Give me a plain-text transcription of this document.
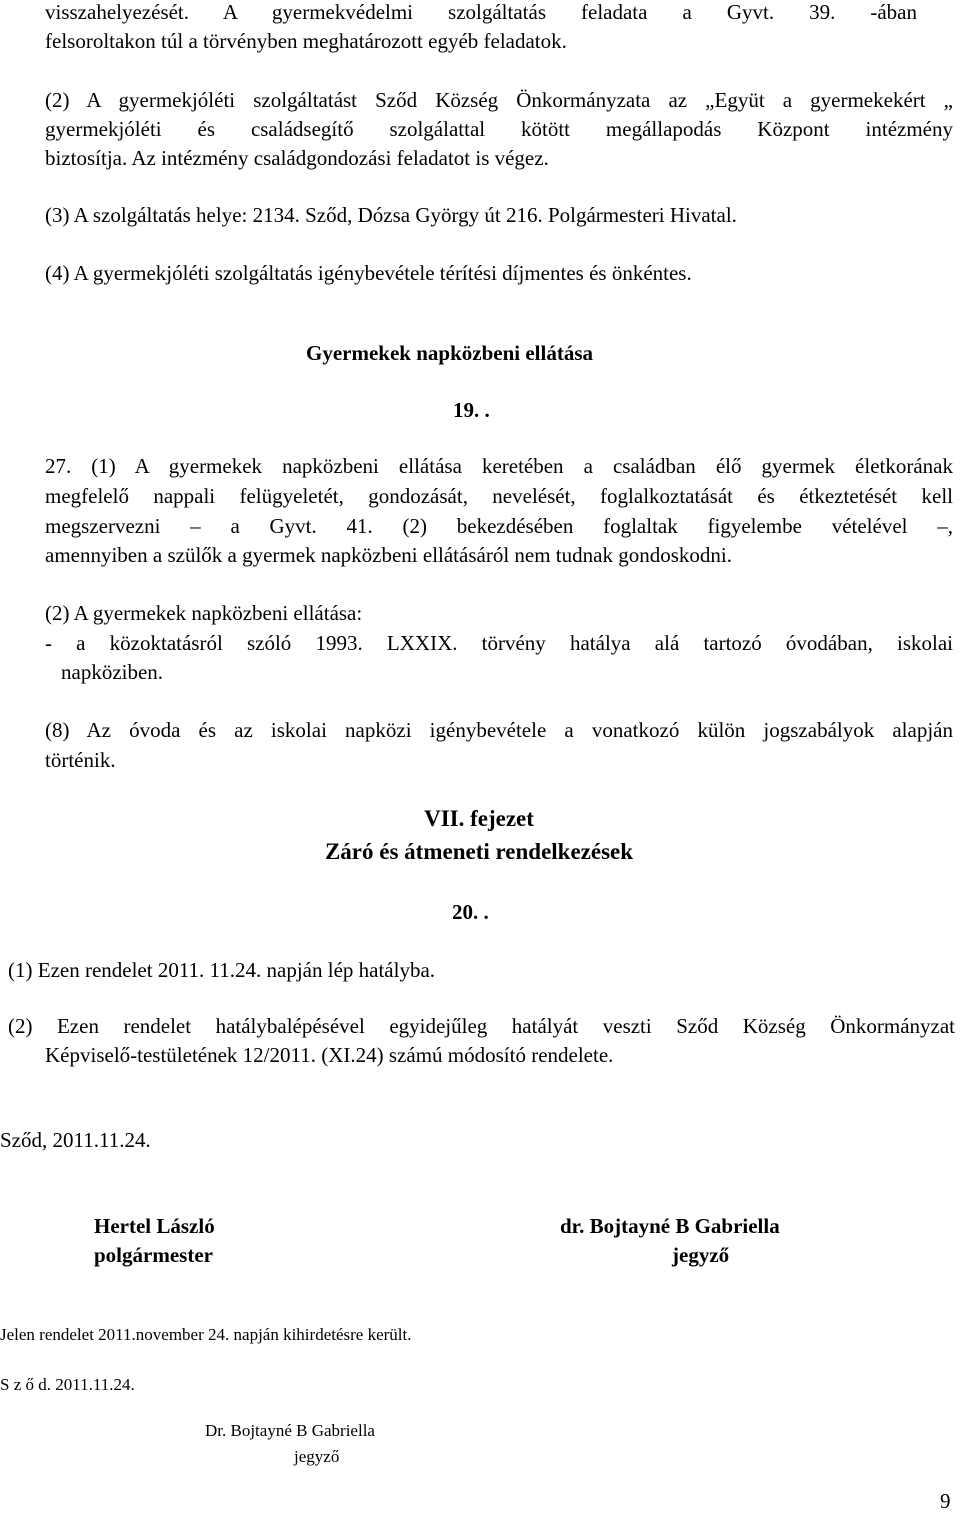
visszahelyezését. A gyermekvédelmi szolgáltatás feladata a Gyvt. 39. -ában
felsoroltakon túl a törvényben meghatározott egyéb feladatok.
(2) A gyermekjóléti szolgáltatást Sződ Község Önkormányzata az „Együt a gyermekekért „
gyermekjóléti és családsegítő szolgálattal kötött megállapodás Központ intézmény
biztosítja. Az intézmény családgondozási feladatot is végez.
(3) A szolgáltatás helye: 2134. Sződ, Dózsa György út 216. Polgármesteri Hivatal.
(4) A gyermekjóléti szolgáltatás igénybevétele térítési díjmentes és önkéntes.
Gyermekek napközbeni ellátása
19. .
27. (1) A gyermekek napközbeni ellátása keretében a családban élő gyermek életkorának
megfelelő nappali felügyeletét, gondozását, nevelését, foglalkoztatását és étkeztetését kell
megszervezni – a Gyvt. 41. (2) bekezdésében foglaltak figyelembe vételével –,
amennyiben a szülők a gyermek napközbeni ellátásáról nem tudnak gondoskodni.
(2) A gyermekek napközbeni ellátása:
- a közoktatásról szóló 1993. LXXIX. törvény hatálya alá tartozó óvodában, iskolai
napköziben.
(8) Az óvoda és az iskolai napközi igénybevétele a vonatkozó külön jogszabályok alapján
történik.
VII. fejezet
Záró és átmeneti rendelkezések
20. .
(1) Ezen rendelet 2011. 11.24. napján lép hatályba.
(2) Ezen rendelet hatálybalépésével egyidejűleg hatályát veszti Sződ Község Önkormányzat
Képviselő-testületének 12/2011. (XI.24) számú módosító rendelete.
Sződ, 2011.11.24.
Hertel László
polgármester
dr. Bojtayné B Gabriella
jegyző
Jelen rendelet 2011.november 24. napján kihirdetésre került.
S z ő d. 2011.11.24.
Dr. Bojtayné B Gabriella
jegyző
9
